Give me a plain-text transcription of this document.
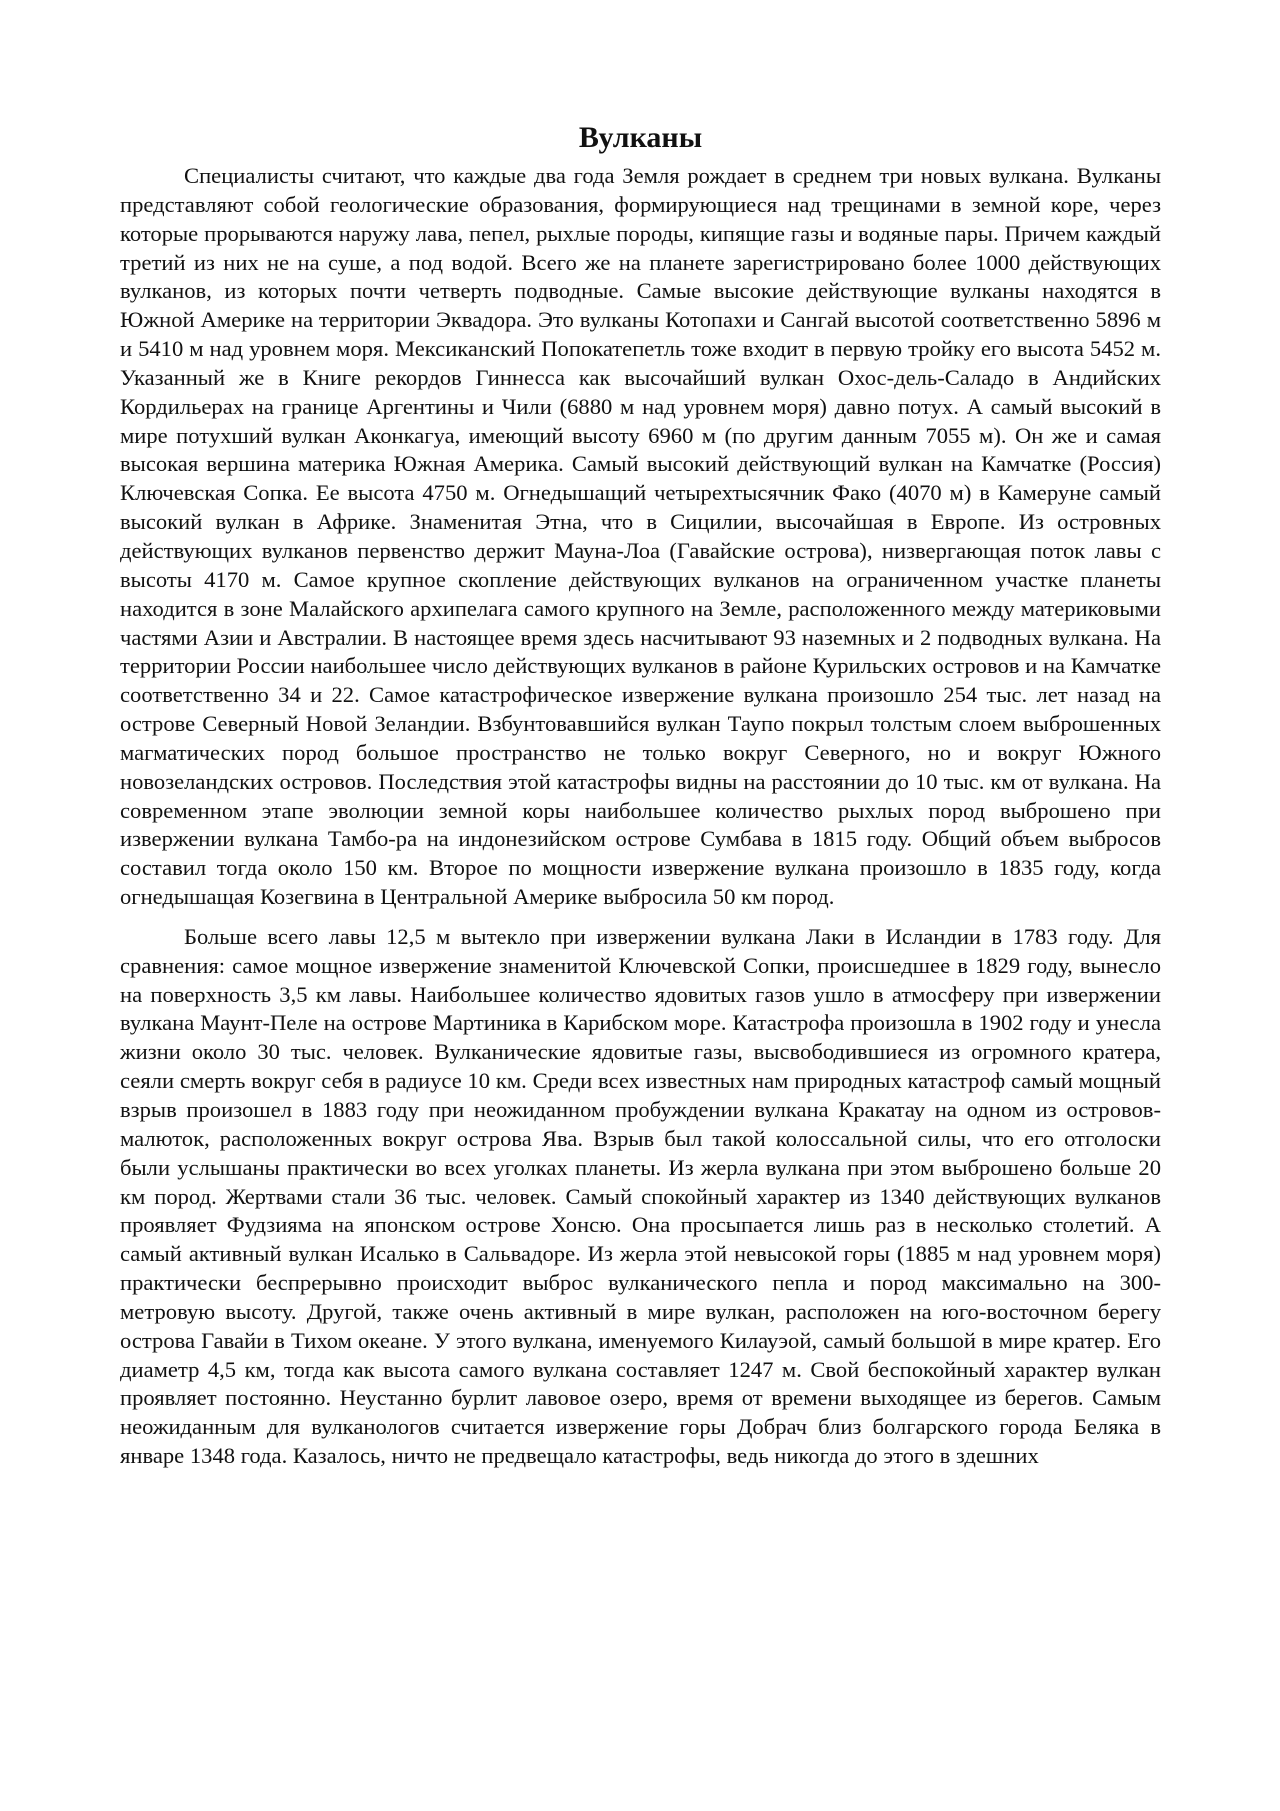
Вулканы

Специалисты считают, что каждые два года Земля рождает в среднем три новых вулкана. Вулканы представляют собой геологические образования, формирующиеся над трещинами в земной коре, через которые прорываются наружу лава, пепел, рыхлые породы, кипящие газы и водяные пары. Причем каждый третий из них не на суше, а под водой. Всего же на планете зарегистрировано более 1000 действующих вулканов, из которых почти четверть подводные. Самые высокие действующие вулканы находятся в Южной Америке на территории Эквадора. Это вулканы Котопахи и Сангай высотой соответственно 5896 м и 5410 м над уровнем моря. Мексиканский Попокатепетль тоже входит в первую тройку его высота 5452 м. Указанный же в Книге рекордов Гиннесса как высочайший вулкан Охос-дель-Саладо в Андийских Кордильерах на границе Аргентины и Чили (6880 м над уровнем моря) давно потух. А самый высокий в мире потухший вулкан Аконкагуа, имеющий высоту 6960 м (по другим данным 7055 м). Он же и самая высокая вершина материка Южная Америка. Самый высокий действующий вулкан на Камчатке (Россия) Ключевская Сопка. Ее высота 4750 м. Огнедышащий четырехтысячник Фако (4070 м) в Камеруне самый высокий вулкан в Африке. Знаменитая Этна, что в Сицилии, высочайшая в Европе. Из островных действующих вулканов первенство держит Мауна-Лоа (Гавайские острова), низвергающая поток лавы с высоты 4170 м. Самое крупное скопление действующих вулканов на ограниченном участке планеты находится в зоне Малайского архипелага самого крупного на Земле, расположенного между материковыми частями Азии и Австралии. В настоящее время здесь насчитывают 93 наземных и 2 подводных вулкана. На территории России наибольшее число действующих вулканов в районе Курильских островов и на Камчатке соответственно 34 и 22. Самое катастрофическое извержение вулкана произошло 254 тыс. лет назад на острове Северный Новой Зеландии. Взбунтовавшийся вулкан Таупо покрыл толстым слоем выброшенных магматических пород большое пространство не только вокруг Северного, но и вокруг Южного новозеландских островов. Последствия этой катастрофы видны на расстоянии до 10 тыс. км от вулкана. На современном этапе эволюции земной коры наибольшее количество рыхлых пород выброшено при извержении вулкана Тамбо-ра на индонезийском острове Сумбава в 1815 году. Общий объем выбросов составил тогда около 150 км. Второе по мощности извержение вулкана произошло в 1835 году, когда огнедышащая Козегвина в Центральной Америке выбросила 50 км пород.

Больше всего лавы 12,5 м вытекло при извержении вулкана Лаки в Исландии в 1783 году. Для сравнения: самое мощное извержение знаменитой Ключевской Сопки, происшедшее в 1829 году, вынесло на поверхность 3,5 км лавы. Наибольшее количество ядовитых газов ушло в атмосферу при извержении вулкана Маунт-Пеле на острове Мартиника в Карибском море. Катастрофа произошла в 1902 году и унесла жизни около 30 тыс. человек. Вулканические ядовитые газы, высвободившиеся из огромного кратера, сеяли смерть вокруг себя в радиусе 10 км. Среди всех известных нам природных катастроф самый мощный взрыв произошел в 1883 году при неожиданном пробуждении вулкана Кракатау на одном из островов-малюток, расположенных вокруг острова Ява. Взрыв был такой колоссальной силы, что его отголоски были услышаны практически во всех уголках планеты. Из жерла вулкана при этом выброшено больше 20 км пород. Жертвами стали 36 тыс. человек. Самый спокойный характер из 1340 действующих вулканов проявляет Фудзияма на японском острове Хонсю. Она просыпается лишь раз в несколько столетий. А самый активный вулкан Исалько в Сальвадоре. Из жерла этой невысокой горы (1885 м над уровнем моря) практически беспрерывно происходит выброс вулканического пепла и пород максимально на 300-метровую высоту. Другой, также очень активный в мире вулкан, расположен на юго-восточном берегу острова Гавайи в Тихом океане. У этого вулкана, именуемого Килауэой, самый большой в мире кратер. Его диаметр 4,5 км, тогда как высота самого вулкана составляет 1247 м. Свой беспокойный характер вулкан проявляет постоянно. Неустанно бурлит лавовое озеро, время от времени выходящее из берегов. Самым неожиданным для вулканологов считается извержение горы Добрач близ болгарского города Беляка в январе 1348 года. Казалось, ничто не предвещало катастрофы, ведь никогда до этого в здешних
